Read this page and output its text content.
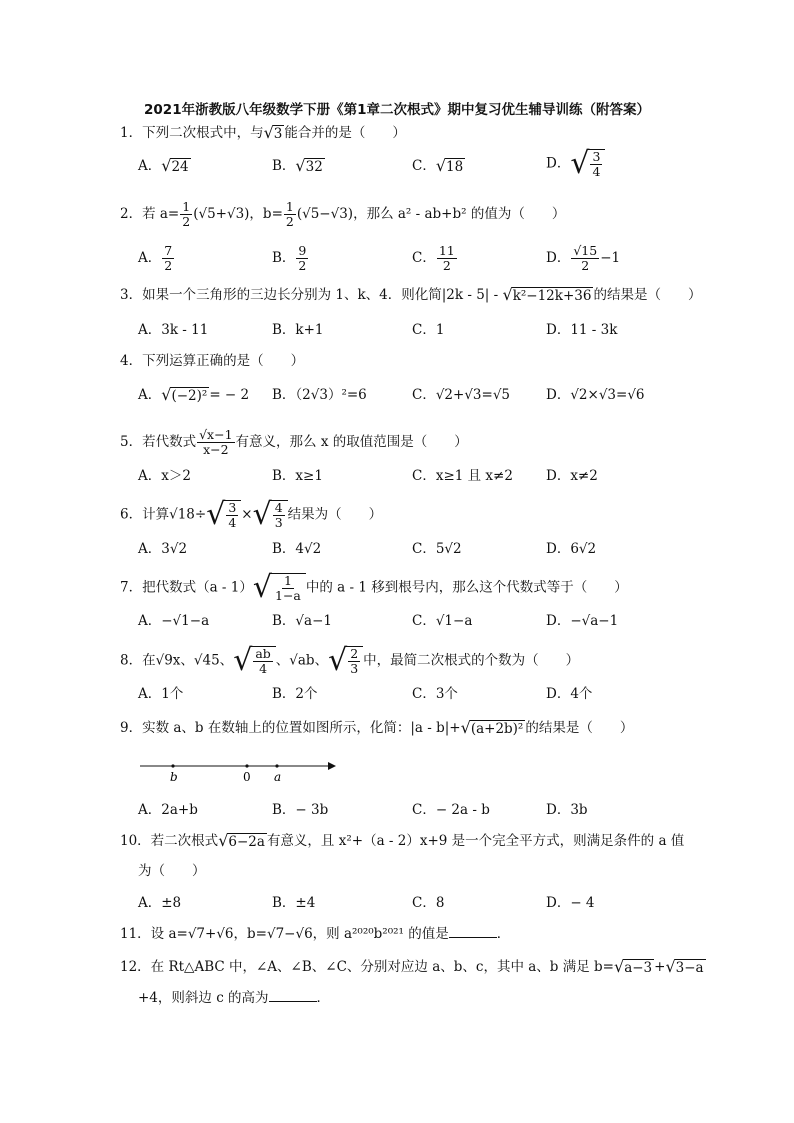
2021年浙教版八年级数学下册《第1章二次根式》期中复习优生辅导训练（附答案）
1．下列二次根式中，与 √ 3 能合并的是（　　）
A． √ 24	B． √ 32	C． √ 18	D． √ $\frac{3}{4}$
2．若 $a= \frac{1}{2} (√5+√3)$，$b= \frac{1}{2} (√5-√3)$，那么 a² - ab+b² 的值为（　　）
A． $\frac{7}{2}$	B． $\frac{9}{2}$	C． $\frac{11}{2}$	D． $\frac{√15}{2} -1$
3．如果一个三角形的三边长分别为 1、k、4．则化简|2k - 5| - √ k²−12k+36 的结果是（　　）
A．3k - 11	B．k+1	C．1	D．11 - 3k
4．下列运算正确的是（　　）
A． √ (−2)² = − 2 B．（2√3）²=6	C．√2+√3=√5	D．√2×√3=√6
5．若代数式 $\frac{√x-1}{x-2}$ 有意义，那么 x 的取值范围是（　　）
A．x＞2	B．x≥1	C．x≥1 且 x≠2 D．x≠2
6．计算√18÷ √ $\frac{3}{4}$ × √ $\frac{4}{3}$ 结果为（　　）
A．3√2	B．4√2	C．5√2	D．6√2
7．把代数式（a - 1） √ $\frac{1}{1-a}$ 中的 a - 1 移到根号内，那么这个代数式等于（　　）
A．−√1−a	B．√a−1	C．√1−a	D．−√a−1
8．在√9x、√45、 √ $\frac{ab}{4}$ 、√ab、 √ $\frac{2}{3}$ 中，最简二次根式的个数为（　　）
A．1个	B．2个	C．3个	D．4个
9．实数 a、b 在数轴上的位置如图所示，化简：|a - b|+ √ (a+2b)² 的结果是（　　）
b	0 a
A．2a+b	B．− 3b	C．− 2a - b	D．3b
10．若二次根式 √ 6−2a 有意义，且 x²+（a - 2）x+9 是一个完全平方式，则满足条件的 a 值
为（　　）
A．±8	B．±4	C．8	D．− 4
11．设 a=√7+√6，b=√7−√6，则 a²⁰²⁰b²⁰²¹ 的值是	．
12．在 Rt△ABC 中，∠A、∠B、∠C、分别对应边 a、b、c，其中 a、b 满足 b= √ a−3 + √ 3−a
+4，则斜边 c 的高为	．
